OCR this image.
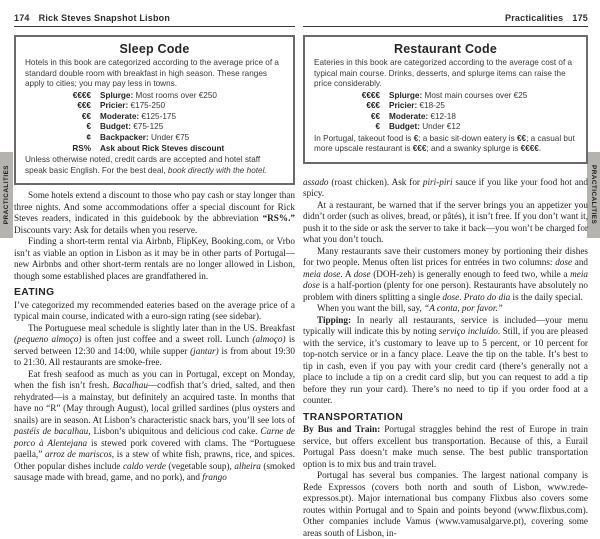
PRACTICALITIES	PRACTICALITIES
174 Rick Steves Snapshot Lisbon
Sleep Code
Hotels in this book are categorized according to the average price of a standard double room with breakfast in high season. These ranges apply to cities; you may pay less in towns.
€€€€	Splurge: Most rooms over €250
€€€	Pricier: €175-250
€€	Moderate: €125-175
€	Budget: €75-125
¢	Backpacker: Under €75
RS%	Ask about Rick Steves discount
Unless otherwise noted, credit cards are accepted and hotel staff speak basic English. For the best deal, book directly with the hotel.

Some hotels extend a discount to those who pay cash or stay longer than three nights. And some accommodations offer a special discount for Rick Steves readers, indicated in this guidebook by the abbreviation “RS%.” Discounts vary: Ask for details when you reserve.

Finding a short-term rental via Airbnb, FlipKey, Booking.com, or Vrbo isn’t as viable an option in Lisbon as it may be in other parts of Portugal—new Airbnbs and other short-term rentals are no longer allowed in Lisbon, though some established places are grandfathered in.

EATING

I’ve categorized my recommended eateries based on the average price of a typical main course, indicated with a euro-sign rating (see sidebar).

The Portuguese meal schedule is slightly later than in the US. Breakfast (pequeno almoço) is often just coffee and a sweet roll. Lunch (almoço) is served between 12:30 and 14:00, while supper (jantar) is from about 19:30 to 21:30. All restaurants are smoke-free.

Eat fresh seafood as much as you can in Portugal, except on Monday, when the fish isn’t fresh. Bacalhau—codfish that’s dried, salted, and then rehydrated—is a mainstay, but definitely an acquired taste. In months that have no “R” (May through August), local grilled sardines (plus oysters and snails) are in season. At Lisbon’s characteristic snack bars, you’ll see lots of pastéis de bacalhau, Lisbon’s ubiquitous and delicious cod cake. Carne de porco à Alentejana is stewed pork covered with clams. The “Portuguese paella,” arroz de mariscos, is a stew of white fish, prawns, rice, and spices. Other popular dishes include caldo verde (vegetable soup), alheira (smoked sausage made with bread, game, and no pork), and frango

Practicalities 175
Restaurant Code
Eateries in this book are categorized according to the average cost of a typical main course. Drinks, desserts, and splurge items can raise the price considerably.
€€€€	Splurge: Most main courses over €25
€€€	Pricier: €18-25
€€	Moderate: €12-18
€	Budget: Under €12
In Portugal, takeout food is €; a basic sit-down eatery is €€; a casual but more upscale restaurant is €€€; and a swanky splurge is €€€€.

assado (roast chicken). Ask for piri-piri sauce if you like your food hot and spicy.

At a restaurant, be warned that if the server brings you an appetizer you didn’t order (such as olives, bread, or pâtés), it isn’t free. If you don’t want it, push it to the side or ask the server to take it back—you won’t be charged for what you don’t touch.

Many restaurants save their customers money by portioning their dishes for two people. Menus often list prices for entrées in two columns: dose and meia dose. A dose (DOH-zeh) is generally enough to feed two, while a meia dose is a half-portion (plenty for one person). Restaurants have absolutely no problem with diners splitting a single dose. Prato do dia is the daily special.

When you want the bill, say, “A conta, por favor.”

Tipping: In nearly all restaurants, service is included—your menu typically will indicate this by noting serviço incluído. Still, if you are pleased with the service, it’s customary to leave up to 5 percent, or 10 percent for top-notch service or in a fancy place. Leave the tip on the table. It’s best to tip in cash, even if you pay with your credit card (there’s generally not a place to include a tip on a credit card slip, but you can request to add a tip before they run your card). There’s no need to tip if you order food at a counter.

TRANSPORTATION

By Bus and Train: Portugal straggles behind the rest of Europe in train service, but offers excellent bus transportation. Because of this, a Eurail Portugal Pass doesn’t make much sense. The best public transportation option is to mix bus and train travel.

Portugal has several bus companies. The largest national company is Rede Expressos (covers both north and south of Lisbon, www.rede-expressos.pt). Major international bus company Flixbus also covers some routes within Portugal and to Spain and points beyond (www.flixbus.com). Other companies include Vamus (www.vamusalgarve.pt), covering some areas south of Lisbon, in-
